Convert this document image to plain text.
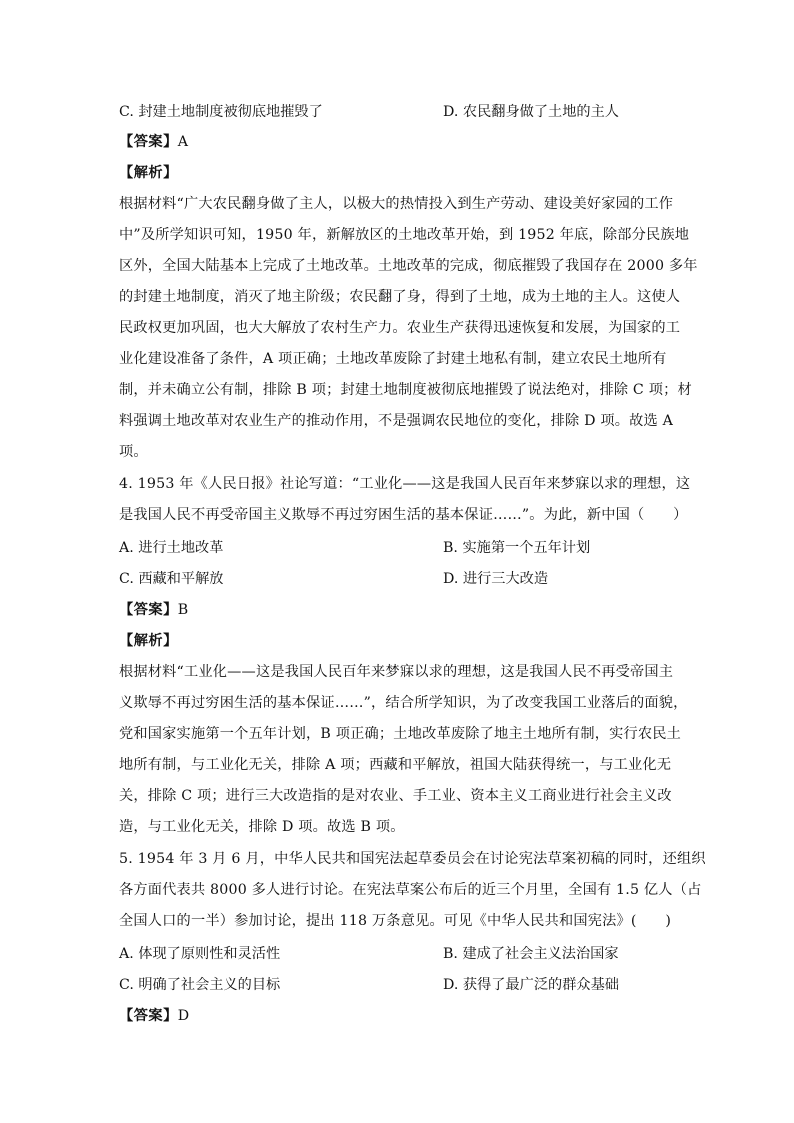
C. 封建土地制度被彻底地摧毁了	D. 农民翻身做了土地的主人
【答案】A
【解析】
根据材料“广大农民翻身做了主人，以极大的热情投入到生产劳动、建设美好家园的工作
中”及所学知识可知，1950 年，新解放区的土地改革开始，到 1952 年底，除部分民族地
区外，全国大陆基本上完成了土地改革。土地改革的完成，彻底摧毁了我国存在 2000 多年
的封建土地制度，消灭了地主阶级；农民翻了身，得到了土地，成为土地的主人。这使人
民政权更加巩固，也大大解放了农村生产力。农业生产获得迅速恢复和发展，为国家的工
业化建设准备了条件，A 项正确；土地改革废除了封建土地私有制，建立农民土地所有
制，并未确立公有制，排除 B 项；封建土地制度被彻底地摧毁了说法绝对，排除 C 项；材
料强调土地改革对农业生产的推动作用，不是强调农民地位的变化，排除 D 项。故选 A
项。
4. 1953 年《人民日报》社论写道：“工业化——这是我国人民百年来梦寐以求的理想，这
是我国人民不再受帝国主义欺辱不再过穷困生活的基本保证……”。为此，新中国（　　）
A. 进行土地改革	B. 实施第一个五年计划
C. 西藏和平解放	D. 进行三大改造
【答案】B
【解析】
根据材料“工业化——这是我国人民百年来梦寐以求的理想，这是我国人民不再受帝国主
义欺辱不再过穷困生活的基本保证……”，结合所学知识，为了改变我国工业落后的面貌，
党和国家实施第一个五年计划，B 项正确；土地改革废除了地主土地所有制，实行农民土
地所有制，与工业化无关，排除 A 项；西藏和平解放，祖国大陆获得统一，与工业化无
关，排除 C 项；进行三大改造指的是对农业、手工业、资本主义工商业进行社会主义改
造，与工业化无关，排除 D 项。故选 B 项。
5. 1954 年 3 月 6 月，中华人民共和国宪法起草委员会在讨论宪法草案初稿的同时，还组织
各方面代表共 8000 多人进行讨论。在宪法草案公布后的近三个月里，全国有 1.5 亿人（占
全国人口的一半）参加讨论，提出 118 万条意见。可见《中华人民共和国宪法》(　　)
A. 体现了原则性和灵活性	B. 建成了社会主义法治国家
C. 明确了社会主义的目标	D. 获得了最广泛的群众基础
【答案】D
